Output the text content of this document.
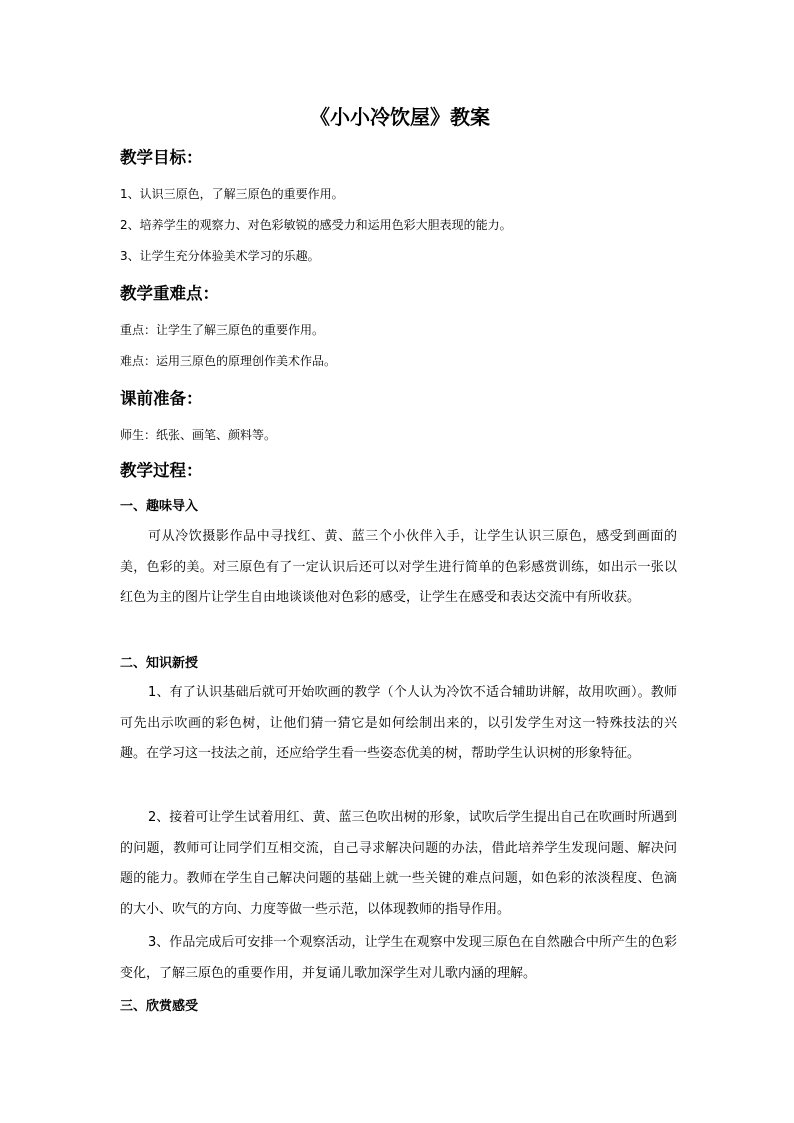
《小小冷饮屋》教案
教学目标：

1、认识三原色，了解三原色的重要作用。

2、培养学生的观察力、对色彩敏锐的感受力和运用色彩大胆表现的能力。

3、让学生充分体验美术学习的乐趣。

教学重难点：

重点：让学生了解三原色的重要作用。

难点：运用三原色的原理创作美术作品。

课前准备：

师生：纸张、画笔、颜料等。

教学过程：
一、趣味导入

可从冷饮摄影作品中寻找红、黄、蓝三个小伙伴入手，让学生认识三原色，感受到画面的美，色彩的美。对三原色有了一定认识后还可以对学生进行简单的色彩感赏训练，如出示一张以红色为主的图片让学生自由地谈谈他对色彩的感受，让学生在感受和表达交流中有所收获。

二、知识新授

1、有了认识基础后就可开始吹画的教学（个人认为冷饮不适合辅助讲解，故用吹画）。教师可先出示吹画的彩色树，让他们猜一猜它是如何绘制出来的，以引发学生对这一特殊技法的兴趣。在学习这一技法之前，还应给学生看一些姿态优美的树，帮助学生认识树的形象特征。

2、接着可让学生试着用红、黄、蓝三色吹出树的形象，试吹后学生提出自己在吹画时所遇到的问题，教师可让同学们互相交流，自己寻求解决问题的办法，借此培养学生发现问题、解决问题的能力。教师在学生自己解决问题的基础上就一些关键的难点问题，如色彩的浓淡程度、色滴的大小、吹气的方向、力度等做一些示范，以体现教师的指导作用。

3、作品完成后可安排一个观察活动，让学生在观察中发现三原色在自然融合中所产生的色彩变化，了解三原色的重要作用，并复诵儿歌加深学生对儿歌内涵的理解。

三、欣赏感受
